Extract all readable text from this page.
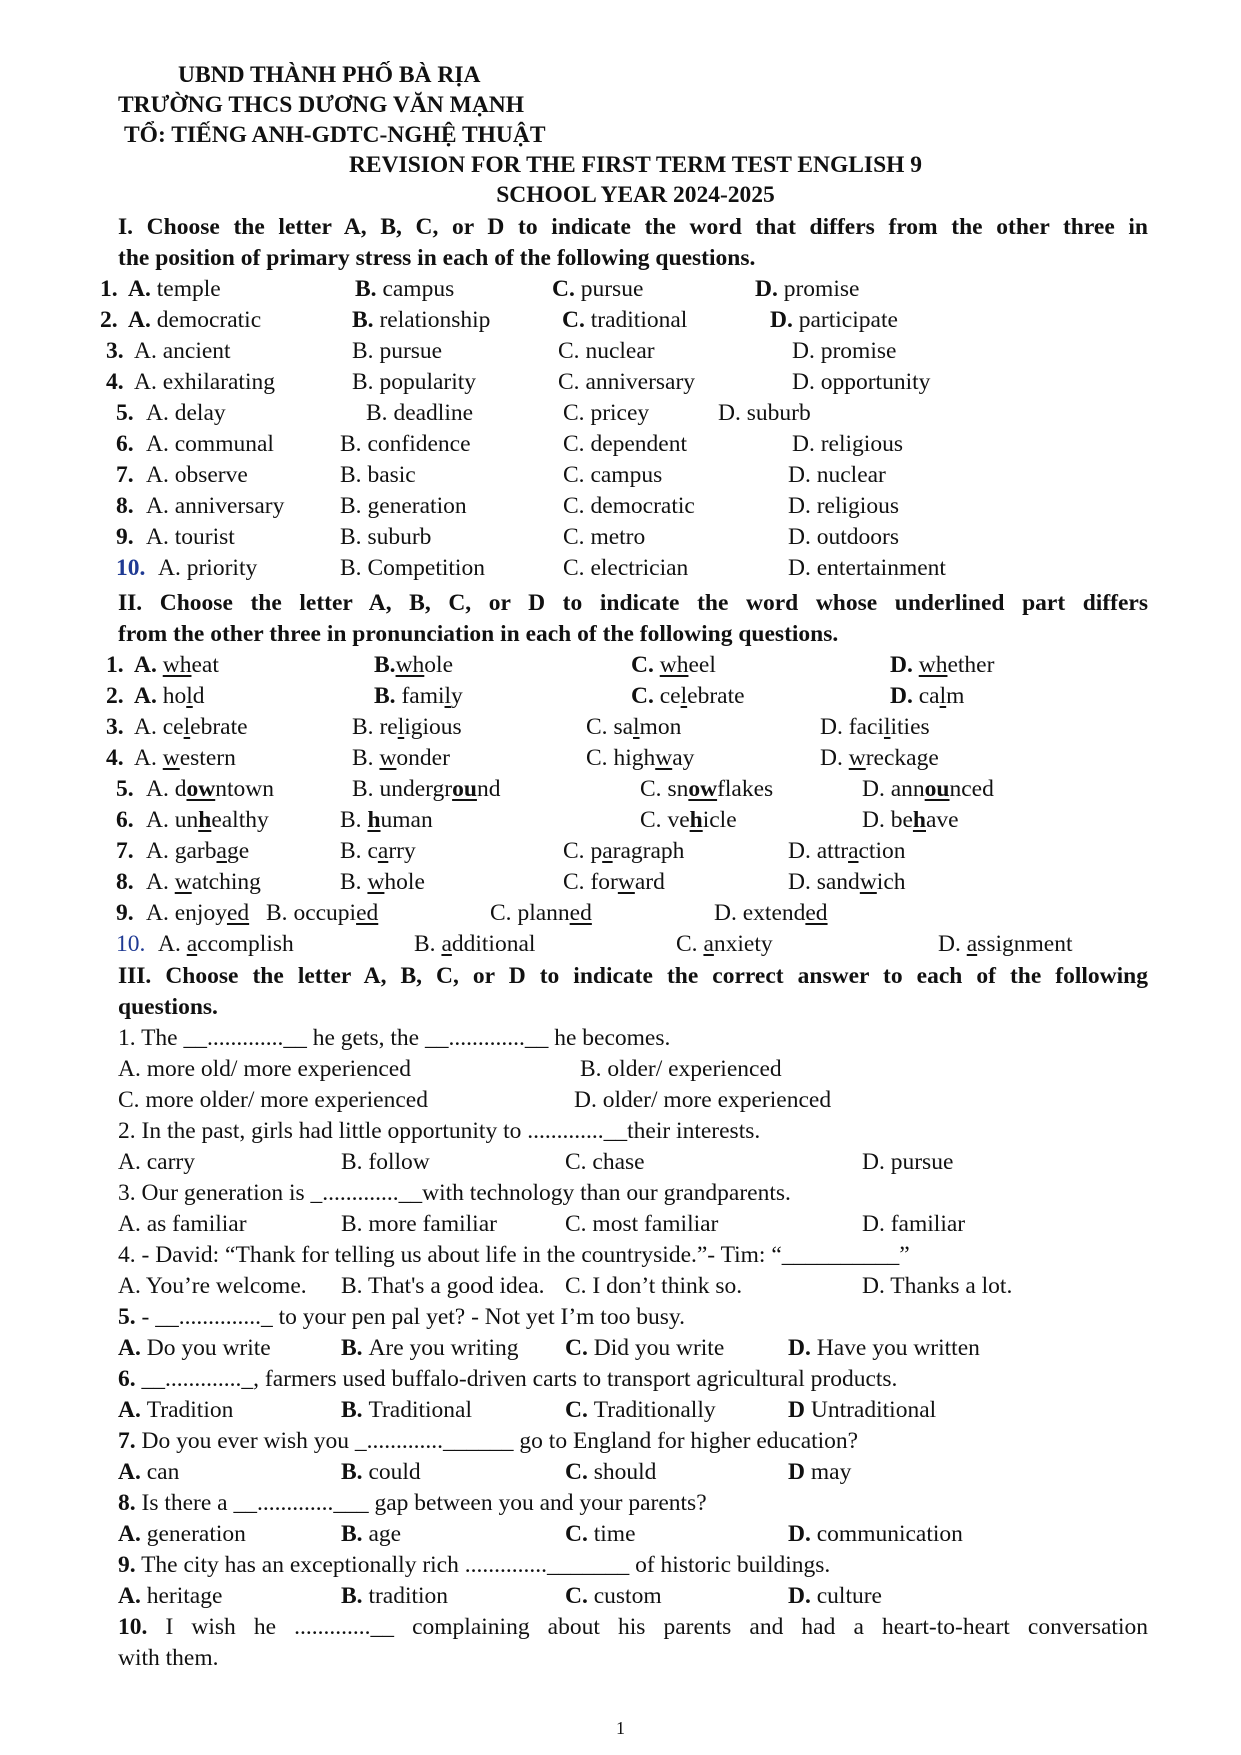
UBND THÀNH PHỐ BÀ RỊA
TRƯỜNG THCS DƯƠNG VĂN MẠNH
TỔ: TIẾNG ANH-GDTC-NGHỆ THUẬT
REVISION FOR THE FIRST TERM TEST ENGLISH 9
SCHOOL YEAR 2024-2025
I. Choose the letter A, B, C, or D to indicate the word that differs from the other three in
the position of primary stress in each of the following questions.
1. A. temple	B. campus	C. pursue	D. promise
2. A. democratic	B. relationship	C. traditional	D. participate
3. A. ancient	B. pursue	C. nuclear	D. promise
4. A. exhilarating	B. popularity	C. anniversary	D. opportunity
5. A. delay	B. deadline	C. pricey	D. suburb
6. A. communal	B. confidence	C. dependent	D. religious
7. A. observe	B. basic	C. campus	D. nuclear
8. A. anniversary B. generation	C. democratic	D. religious
9. A. tourist	B. suburb	C. metro	D. outdoors
10. A. priority	B. Competition	C. electrician	D. entertainment
II. Choose the letter A, B, C, or D to indicate the word whose underlined part differs
from the other three in pronunciation in each of the following questions.
1. A. wheat	B.whole	C. wheel	D. whether
2. A. hold	B. family	C. celebrate	D. calm
3. A. celebrate	B. religious	C. salmon	D. facilities
4. A. western	B. wonder	C. highway	D. wreckage
5. A. downtown	B. underground	C. snowflakes	D. announced
6. A. unhealthy	B. human	C. vehicle	D. behave
7. A. garbage	B. carry	C. paragraph	D. attraction
8. A. watching	B. whole	C. forward	D. sandwich
9. A. enjoyed B. occupied	C. planned	D. extended
10. A. accomplish	B. additional	C. anxiety	D. assignment
III. Choose the letter A, B, C, or D to indicate the correct answer to each of the following
questions.
1. The __.............__ he gets, the __.............__ he becomes.
A. more old/ more experienced	B. older/ experienced
C. more older/ more experienced	D. older/ more experienced
2. In the past, girls had little opportunity to .............__their interests.
A. carry	B. follow	C. chase	D. pursue
3. Our generation is _.............__with technology than our grandparents.
A. as familiar	B. more familiar	C. most familiar	D. familiar
4. - David: “Thank for telling us about life in the countryside.”- Tim: “__________”
A. You’re welcome. B. That's a good idea. C. I don’t think so.	D. Thanks a lot.
5. - __.............._ to your pen pal yet? - Not yet I’m too busy.
A. Do you write	B. Are you writing C. Did you write	D. Have you written
6. __............._, farmers used buffalo-driven carts to transport agricultural products.
A. Tradition	B. Traditional	C. Traditionally	D Untraditional
7. Do you ever wish you _.............______ go to England for higher education?
A. can	B. could	C. should	D may
8. Is there a __.............___ gap between you and your parents?
A. generation	B. age	C. time	D. communication
9. The city has an exceptionally rich .............._______ of historic buildings.
A. heritage	B. tradition	C. custom	D. culture
10. I wish he .............__ complaining about his parents and had a heart-to-heart conversation
with them.
1
